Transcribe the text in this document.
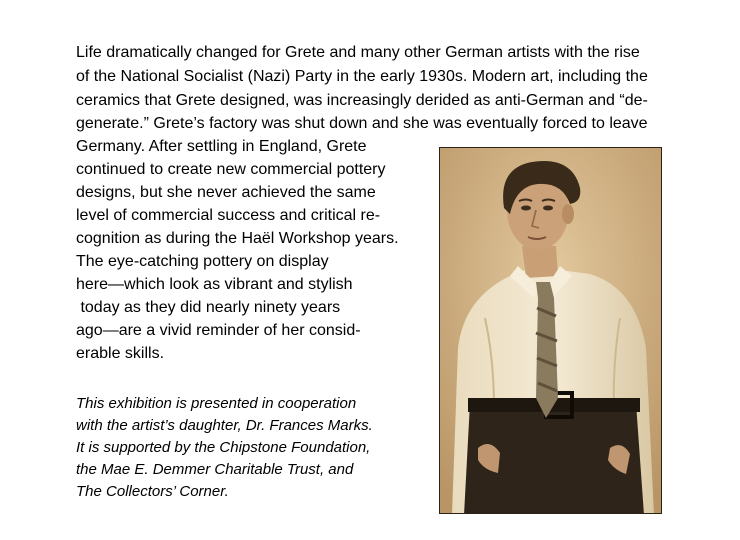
Life dramatically changed for Grete and many other German artists with the rise

of the National Socialist (Nazi) Party in the early 1930s. Modern art, including the

ceramics that Grete designed, was increasingly derided as anti-German and “de-

generate.” Grete’s factory was shut down and she was eventually forced to leave

Germany. After settling in England, Grete

continued to create new commercial pottery

designs, but she never achieved the same

level of commercial success and critical re-

cognition as during the Haël Workshop years.

The eye-catching pottery on display

here—which look as vibrant and stylish

today as they did nearly ninety years

ago—are a vivid reminder of her consid-

erable skills.

This exhibition is presented in cooperation

with the artist’s daughter, Dr. Frances Marks.

It is supported by the Chipstone Foundation,

the Mae E. Demmer Charitable Trust, and

The Collectors’ Corner.
